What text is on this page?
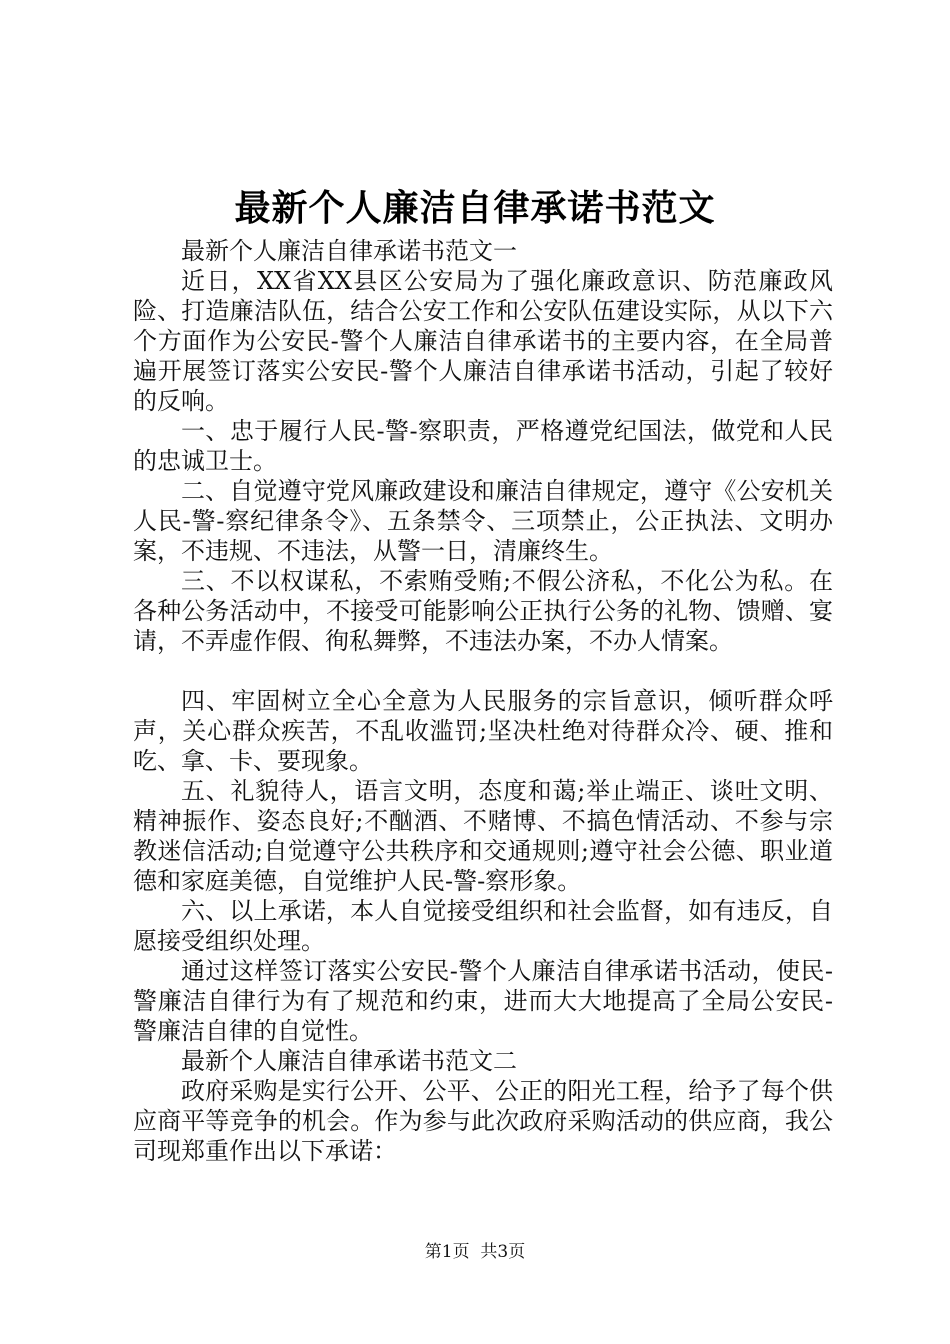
最新个人廉洁自律承诺书范文

最新个人廉洁自律承诺书范文一

近日，XX省XX县区公安局为了强化廉政意识、防范廉政风险、打造廉洁队伍，结合公安工作和公安队伍建设实际，从以下六个方面作为公安民-警个人廉洁自律承诺书的主要内容，在全局普遍开展签订落实公安民-警个人廉洁自律承诺书活动，引起了较好的反响。

一、忠于履行人民-警-察职责，严格遵党纪国法，做党和人民的忠诚卫士。

二、自觉遵守党风廉政建设和廉洁自律规定，遵守《公安机关人民-警-察纪律条令》、五条禁令、三项禁止，公正执法、文明办案，不违规、不违法，从警一日，清廉终生。

三、不以权谋私，不索贿受贿;不假公济私，不化公为私。在各种公务活动中，不接受可能影响公正执行公务的礼物、馈赠、宴请，不弄虚作假、徇私舞弊，不违法办案，不办人情案。

四、牢固树立全心全意为人民服务的宗旨意识，倾听群众呼声，关心群众疾苦，不乱收滥罚;坚决杜绝对待群众冷、硬、推和吃、拿、卡、要现象。

五、礼貌待人，语言文明，态度和蔼;举止端正、谈吐文明、精神振作、姿态良好;不酗酒、不赌博、不搞色情活动、不参与宗教迷信活动;自觉遵守公共秩序和交通规则;遵守社会公德、职业道德和家庭美德，自觉维护人民-警-察形象。

六、以上承诺，本人自觉接受组织和社会监督，如有违反，自愿接受组织处理。

通过这样签订落实公安民-警个人廉洁自律承诺书活动，使民-警廉洁自律行为有了规范和约束，进而大大地提高了全局公安民-警廉洁自律的自觉性。

最新个人廉洁自律承诺书范文二

政府采购是实行公开、公平、公正的阳光工程，给予了每个供应商平等竞争的机会。作为参与此次政府采购活动的供应商，我公司现郑重作出以下承诺：

第1页 共3页
